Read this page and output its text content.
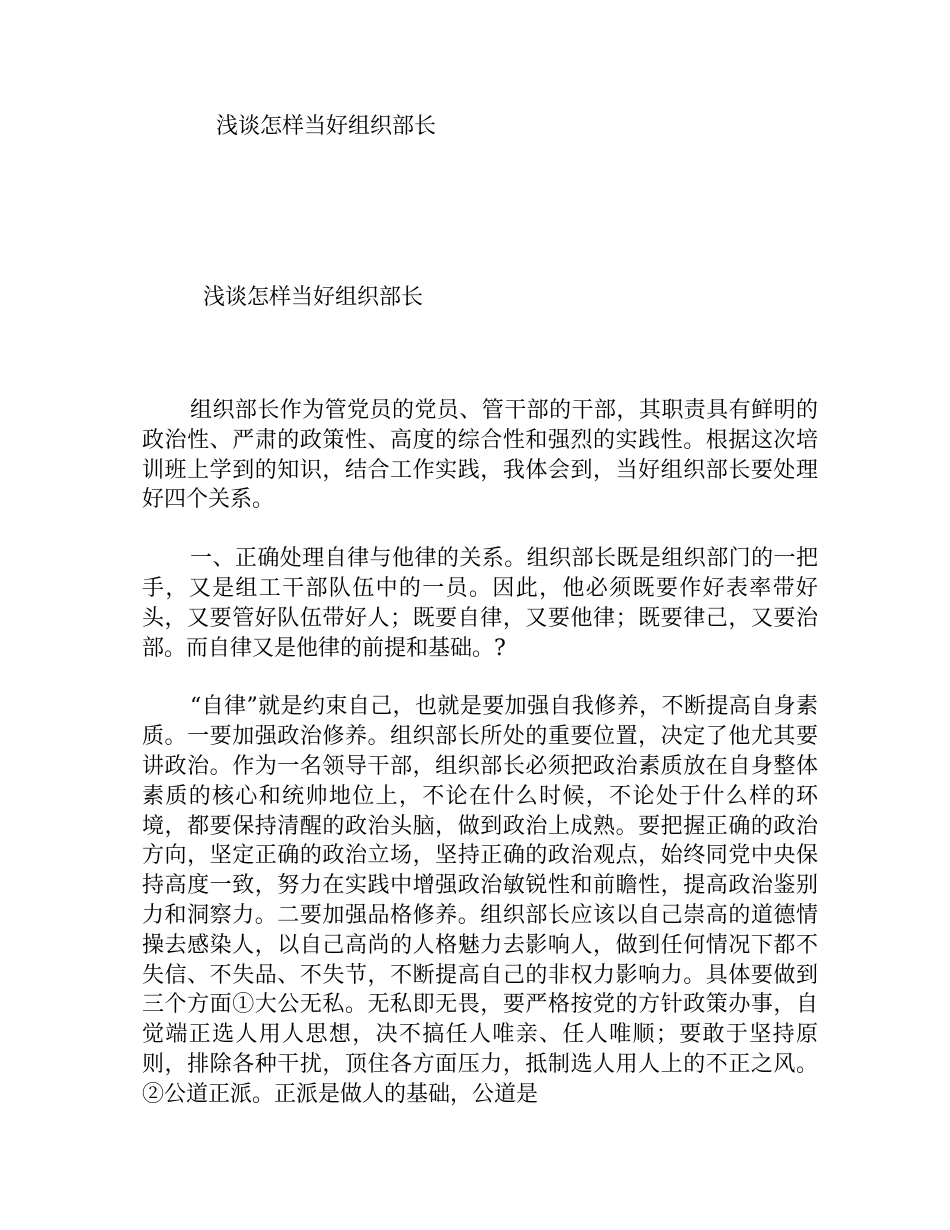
浅谈怎样当好组织部长
浅谈怎样当好组织部长

组织部长作为管党员的党员、管干部的干部，其职责具有鲜明的政治性、严肃的政策性、高度的综合性和强烈的实践性。根据这次培训班上学到的知识，结合工作实践，我体会到，当好组织部长要处理好四个关系。

一、正确处理自律与他律的关系。组织部长既是组织部门的一把手，又是组工干部队伍中的一员。因此，他必须既要作好表率带好头，又要管好队伍带好人；既要自律，又要他律；既要律己，又要治部。而自律又是他律的前提和基础。?

“自律”就是约束自己，也就是要加强自我修养，不断提高自身素质。一要加强政治修养。组织部长所处的重要位置，决定了他尤其要讲政治。作为一名领导干部，组织部长必须把政治素质放在自身整体素质的核心和统帅地位上，不论在什么时候，不论处于什么样的环境，都要保持清醒的政治头脑，做到政治上成熟。要把握正确的政治方向，坚定正确的政治立场，坚持正确的政治观点，始终同党中央保持高度一致，努力在实践中增强政治敏锐性和前瞻性，提高政治鉴别力和洞察力。二要加强品格修养。组织部长应该以自己崇高的道德情操去感染人，以自己高尚的人格魅力去影响人，做到任何情况下都不失信、不失品、不失节，不断提高自己的非权力影响力。具体要做到三个方面①大公无私。无私即无畏，要严格按党的方针政策办事，自觉端正选人用人思想，决不搞任人唯亲、任人唯顺；要敢于坚持原则，排除各种干扰，顶住各方面压力，抵制选人用人上的不正之风。②公道正派。正派是做人的基础，公道是
